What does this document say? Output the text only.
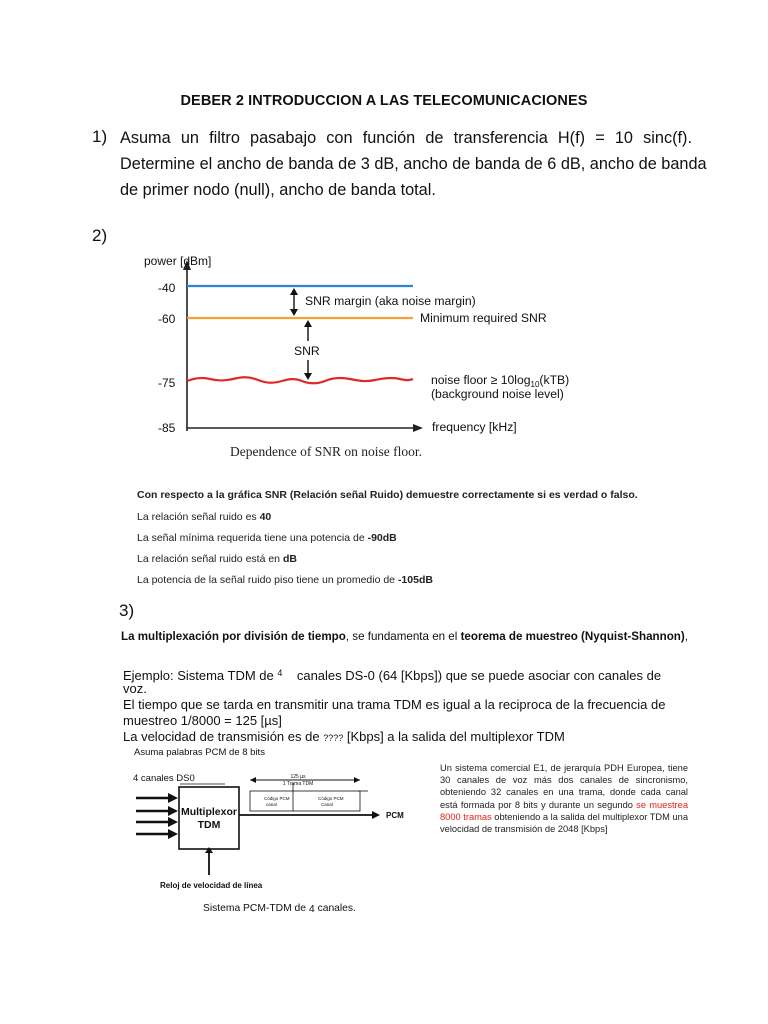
DEBER 2 INTRODUCCION A LAS TELECOMUNICACIONES
1) Asuma un filtro pasabajo con función de transferencia H(f) = 10 sinc(f).
Determine el ancho de banda de 3 dB, ancho de banda de 6 dB, ancho de banda
de primer nodo (null), ancho de banda total.
2)
power [dBm]
-40
-60
-75
-85
SNR margin (aka noise margin)
Minimum required SNR
SNR
noise floor ≥ $10\log_{10}(kTB)$
(background noise level)
frequency [kHz]
Dependence of SNR on noise floor.
Con respecto a la gráfica SNR (Relación señal Ruido) demuestre correctamente si es verdad o falso.
La relación señal ruido es 40
La señal mínima requerida tiene una potencia de -90dB
La relación señal ruido está en dB
La potencia de la señal ruido piso tiene un promedio de -105dB
3)
La multiplexación por división de tiempo, se fundamenta en el teorema de muestreo (Nyquist-Shannon),
Ejemplo: Sistema TDM de $^4$ canales DS-0 (64 [Kbps]) que se puede asociar con canales de
voz.
El tiempo que se tarda en transmitir una trama TDM es igual a la reciproca de la frecuencia de
muestreo 1/8000 = 125 [µs]
La velocidad de transmisión es de ???? [Kbps] a la salida del multiplexor TDM
Asuma palabras PCM de 8 bits
4 canales DS0
Multiplexor
TDM
PCM
125 µs
1 Trama TDM
Código PCM
canal
Código PCM
Canal
Reloj de velocidad de línea
Un sistema comercial E1, de jerarquía PDH Europea, tiene 30 canales de voz más dos canales de sincronismo, obteniendo 32 canales en una trama, donde cada canal está formada por 8 bits y durante un segundo se muestrea 8000 tramas obteniendo a la salida del multiplexor TDM una velocidad de transmisión de 2048 [Kbps]
Sistema PCM-TDM de 4 canales.
